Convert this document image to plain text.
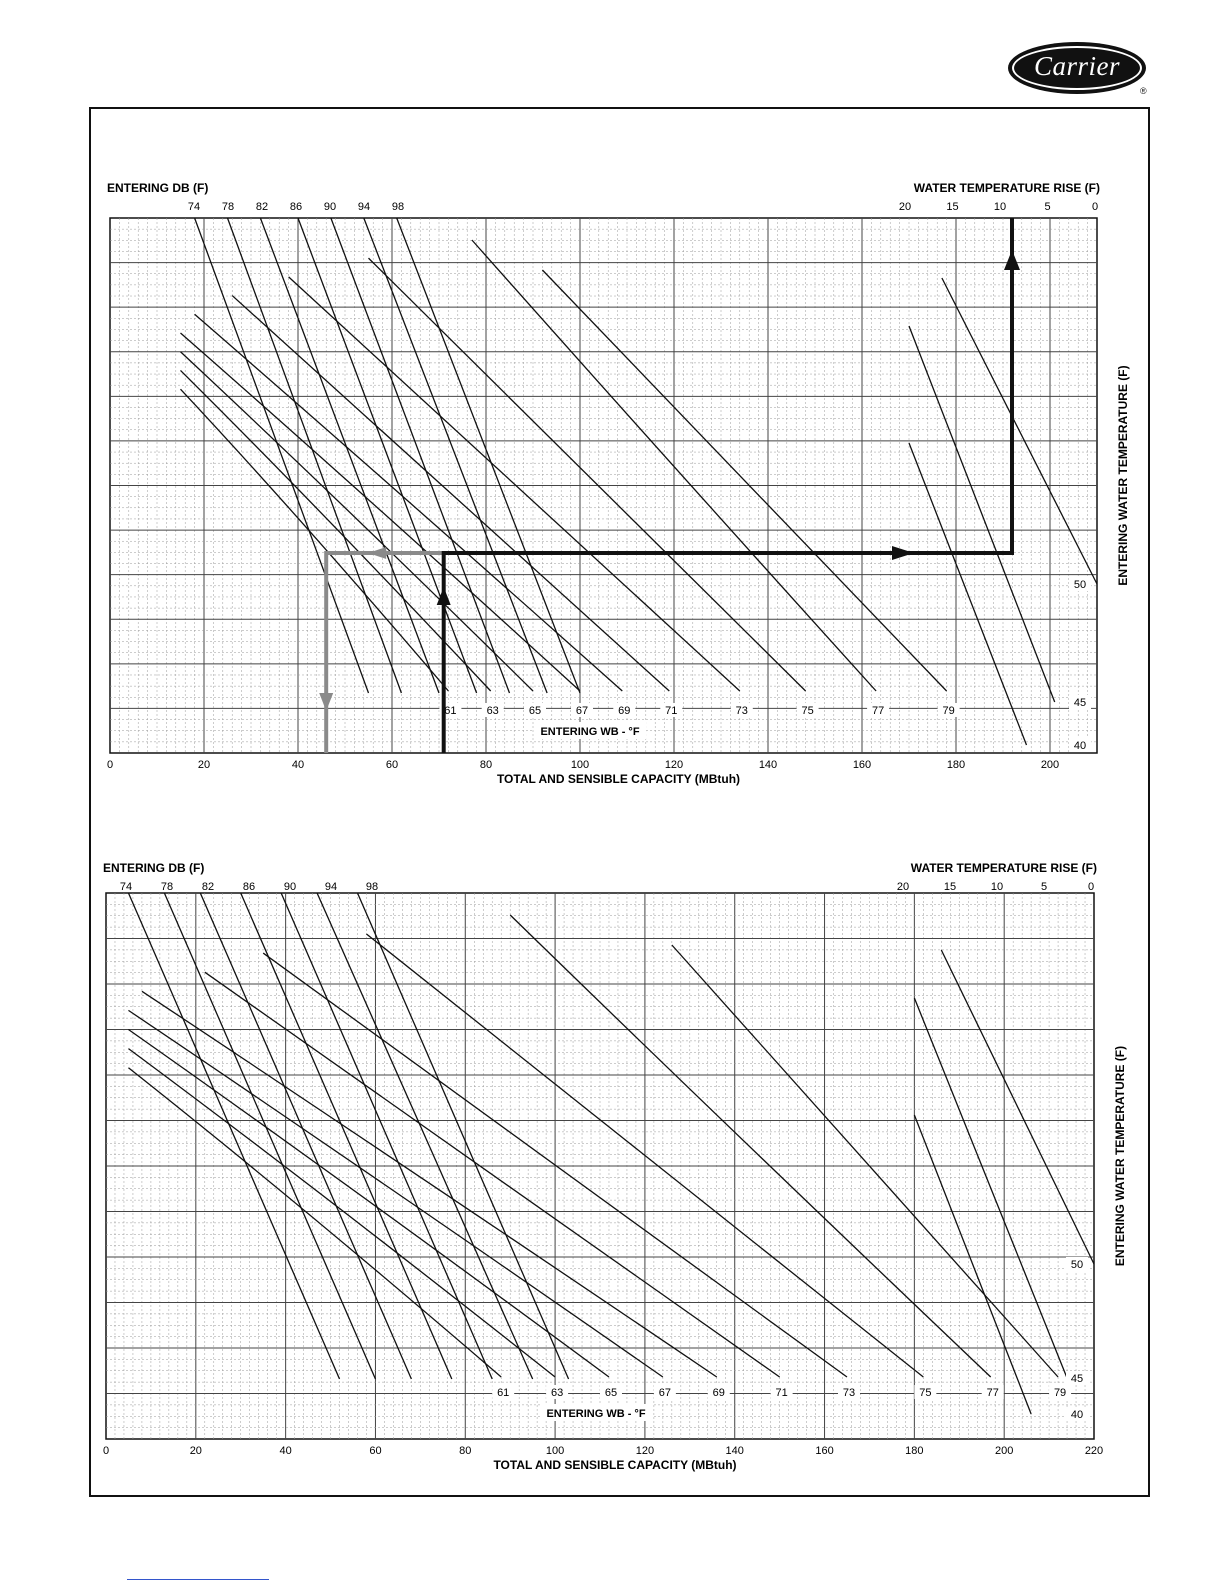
Carrier
®
ENTERING DB (F)	WATER TEMPERATURE RISE (F)
74 78 82 86 90 94 98	20	15	10	5	0
0	20	40	60	80	100	120	140	160	180	200
TOTAL AND SENSIBLE CAPACITY (MBtuh)
ENTERING WATER TEMPERATURE (F)
61	63	65	67	69	71	73	75	77	79
50
45
40
ENTERING WB - °F
ENTERING DB (F)	WATER TEMPERATURE RISE (F)
74	78	82	86	90	94	98	20	15	10	5	0
0	20	40	60	80	100	120	140	160	180	200	220
TOTAL AND SENSIBLE CAPACITY (MBtuh)
ENTERING WATER TEMPERATURE (F)
61	63	65	67	69	71	73	75	77	79
50
45
40
ENTERING WB - °F
